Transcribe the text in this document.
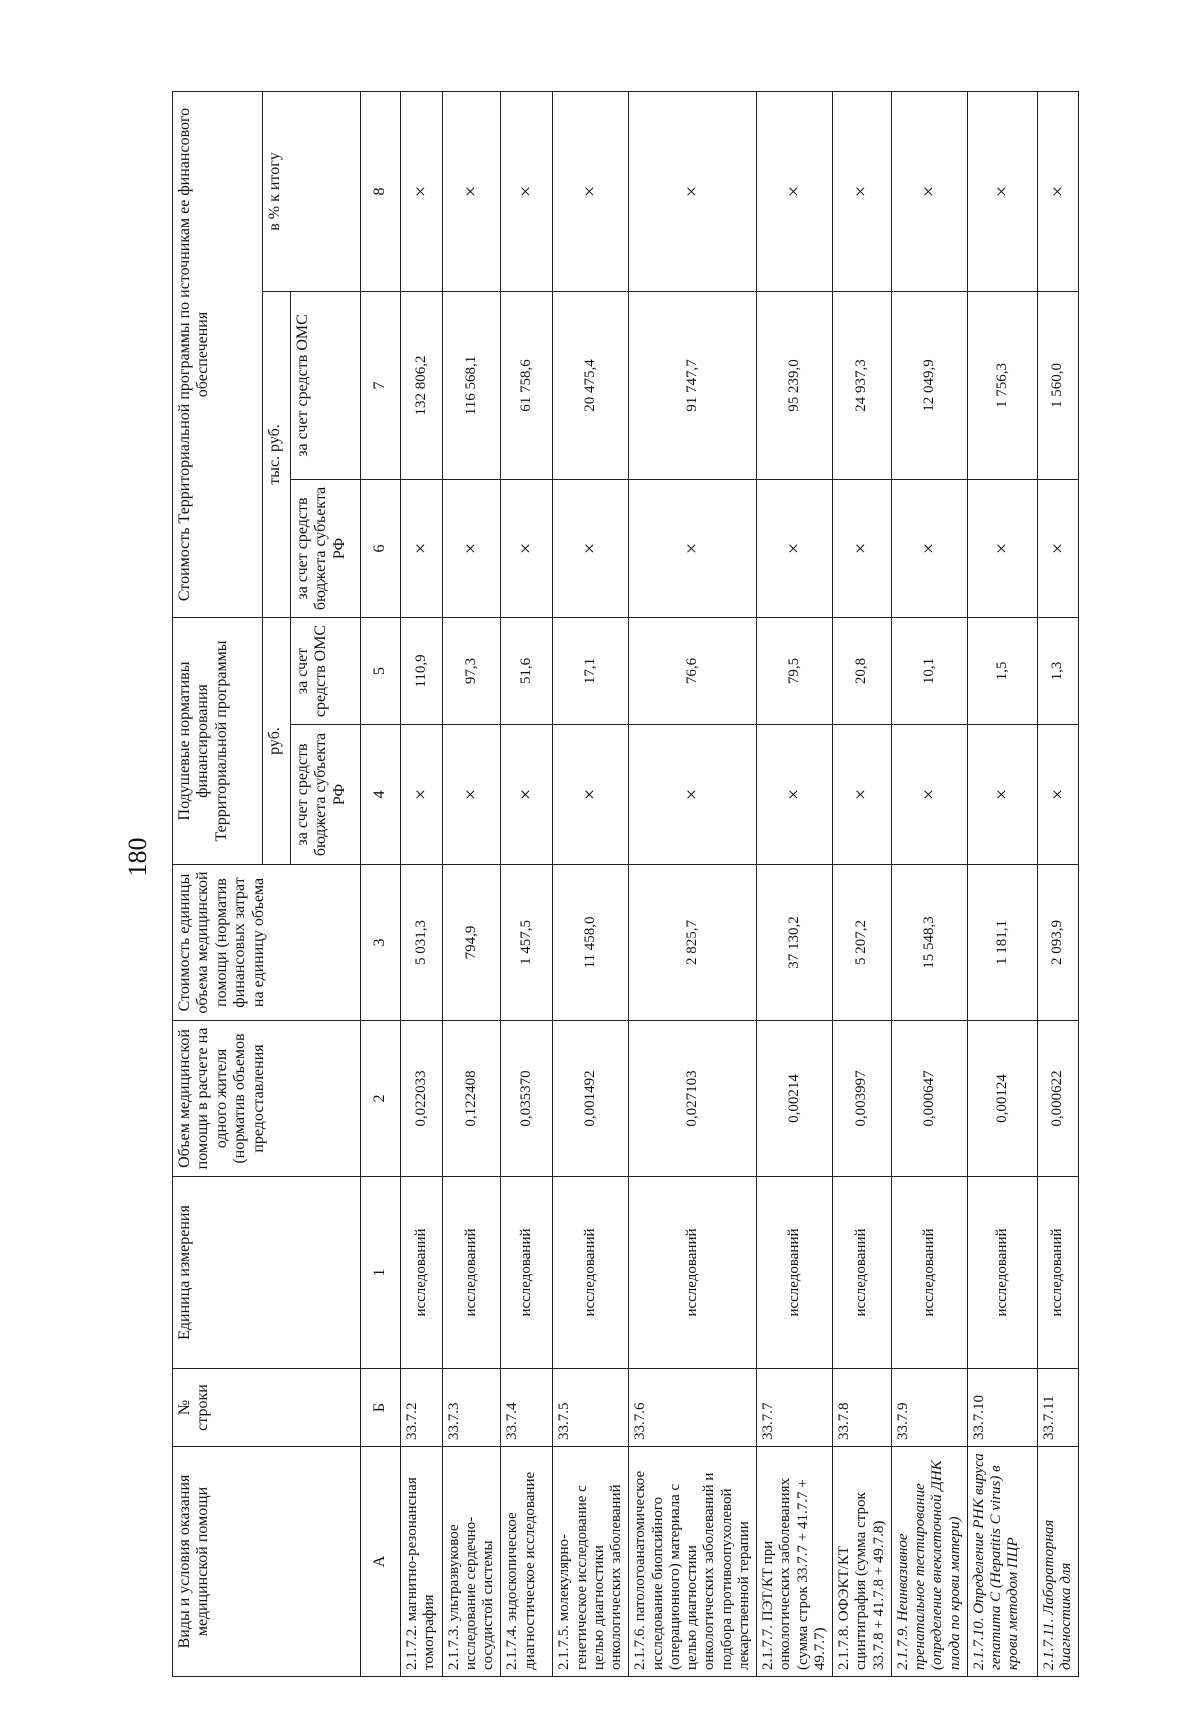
180
Виды и условия оказания медицинской помощи	№ строки	Единица измерения	Объем медицинской помощи в расчете на одного жителя (норматив объемов предоставления	Стоимость единицы объема медицинской помощи (норматив финансовых затрат на единицу объема	Подушевые нормативы финансирования Территориальной программы		Стоимость Территориальной программы по источникам ее финансового обеспечения		
					руб.		тыс. руб.		в % к итогу
					за счет средств бюджета субъекта РФ	за счет средств ОМС	за счет средств бюджета субъекта РФ	за счет средств ОМС	
А	Б	1	2	3	4	5	6	7	8
2.1.7.2. магнитно-резонансная томография	33.7.2	исследований	0,022033	5 031,3	×	110,9	×	132 806,2	×
2.1.7.3. ультразвуковое исследование сердечно-сосудистой системы	33.7.3	исследований	0,122408	794,9	×	97,3	×	116 568,1	×
2.1.7.4. эндоскопическое диагностическое исследование	33.7.4	исследований	0,035370	1 457,5	×	51,6	×	61 758,6	×
2.1.7.5. молекулярно-генетическое исследование с целью диагностики онкологических заболеваний	33.7.5	исследований	0,001492	11 458,0	×	17,1	×	20 475,4	×
2.1.7.6. патологоанатомическое исследование биопсийного (операционного) материала с целью диагностики онкологических заболеваний и подбора противоопухолевой лекарственной терапии	33.7.6	исследований	0,027103	2 825,7	×	76,6	×	91 747,7	×
2.1.7.7. ПЭТ/КТ при онкологических заболеваниях (сумма строк 33.7.7 + 41.7.7 + 49.7.7)	33.7.7	исследований	0,00214	37 130,2	×	79,5	×	95 239,0	×
2.1.7.8. ОФЭКТ/КТ сцинтиграфия (сумма строк 33.7.8 + 41.7.8 + 49.7.8)	33.7.8	исследований	0,003997	5 207,2	×	20,8	×	24 937,3	×
2.1.7.9. Неинвазивное пренатальное тестирование (определение внеклеточной ДНК плода по крови матери)	33.7.9	исследований	0,000647	15 548,3	×	10,1	×	12 049,9	×
2.1.7.10. Определение РНК вируса гепатита С (Hepatitis C virus) в крови методом ПЦР	33.7.10	исследований	0,00124	1 181,1	×	1,5	×	1 756,3	×
2.1.7.11. Лабораторная диагностика для	33.7.11	исследований	0,000622	2 093,9	×	1,3	×	1 560,0	×
